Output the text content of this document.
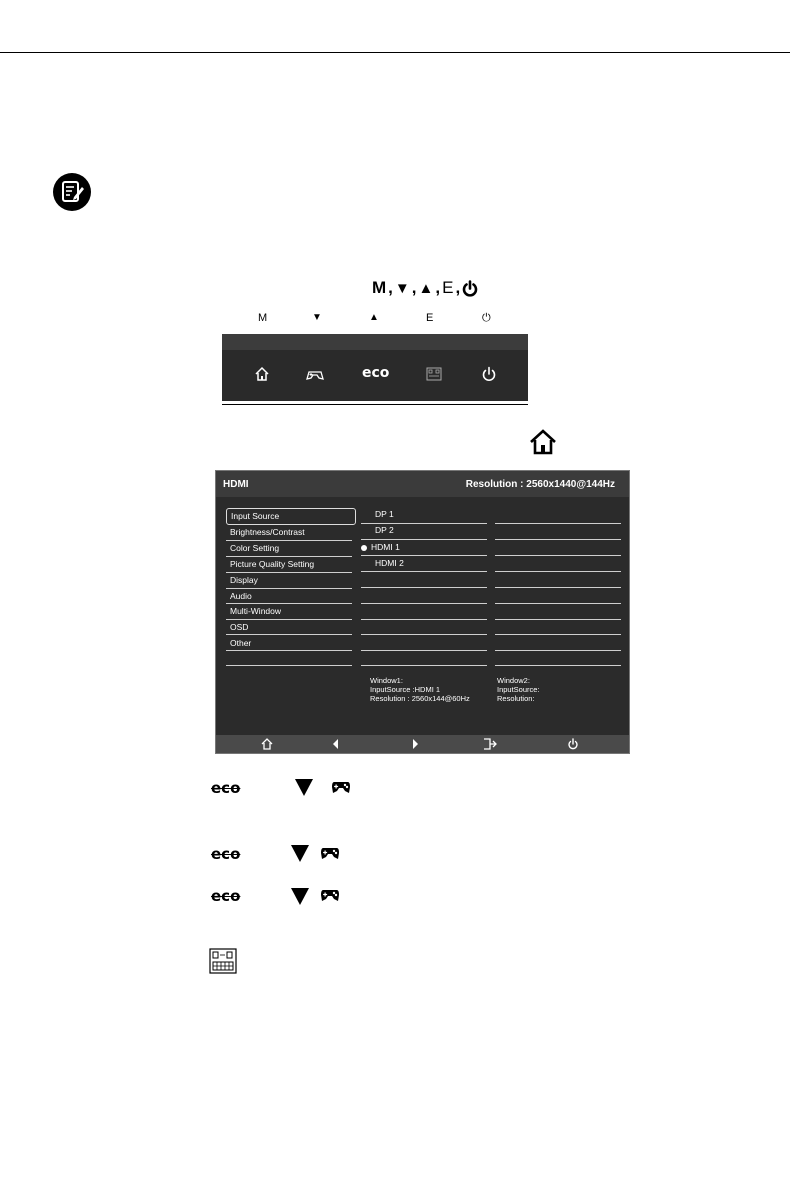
M , ▼ , ▲ , E ,
M	▼	▲	E	⏻
eco
HDMI	Resolution : 2560x1440@144Hz
Input Source
Brightness/Contrast
Color Setting
Picture Quality Setting
Display
Audio
Multi-Window
OSD
Other
DP 1
DP 2
HDMI 1
HDMI 2
Window1:
InputSource :HDMI 1
Resolution : 2560x144@60Hz
Window2:
InputSource:
Resolution:
eco
eco
eco
